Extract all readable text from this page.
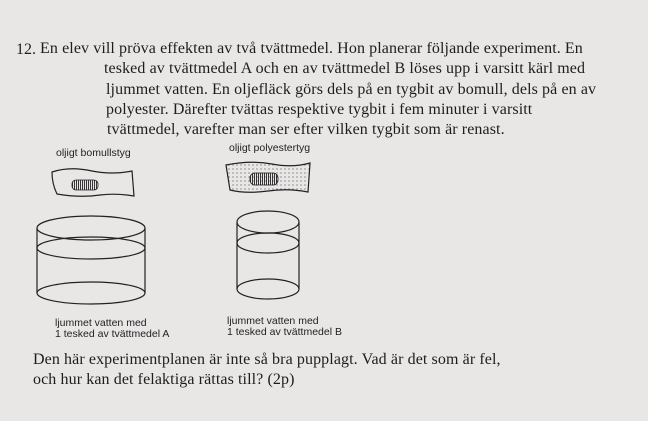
12. En elev vill pröva effekten av två tvättmedel. Hon planerar följande experiment. En
tesked av tvättmedel A och en av tvättmedel B löses upp i varsitt kärl med
ljummet vatten. En oljefläck görs dels på en tygbit av bomull, dels på en av
polyester. Därefter tvättas respektive tygbit i fem minuter i varsitt
tvättmedel, varefter man ser efter vilken tygbit som är renast.
oljigt bomullstyg	oljigt polyestertyg
ljummet vatten med
1 tesked av tvättmedel A
ljummet vatten med
1 tesked av tvättmedel B
Den här experimentplanen är inte så bra pupplagt. Vad är det som är fel,
och hur kan det felaktiga rättas till? (2p)
